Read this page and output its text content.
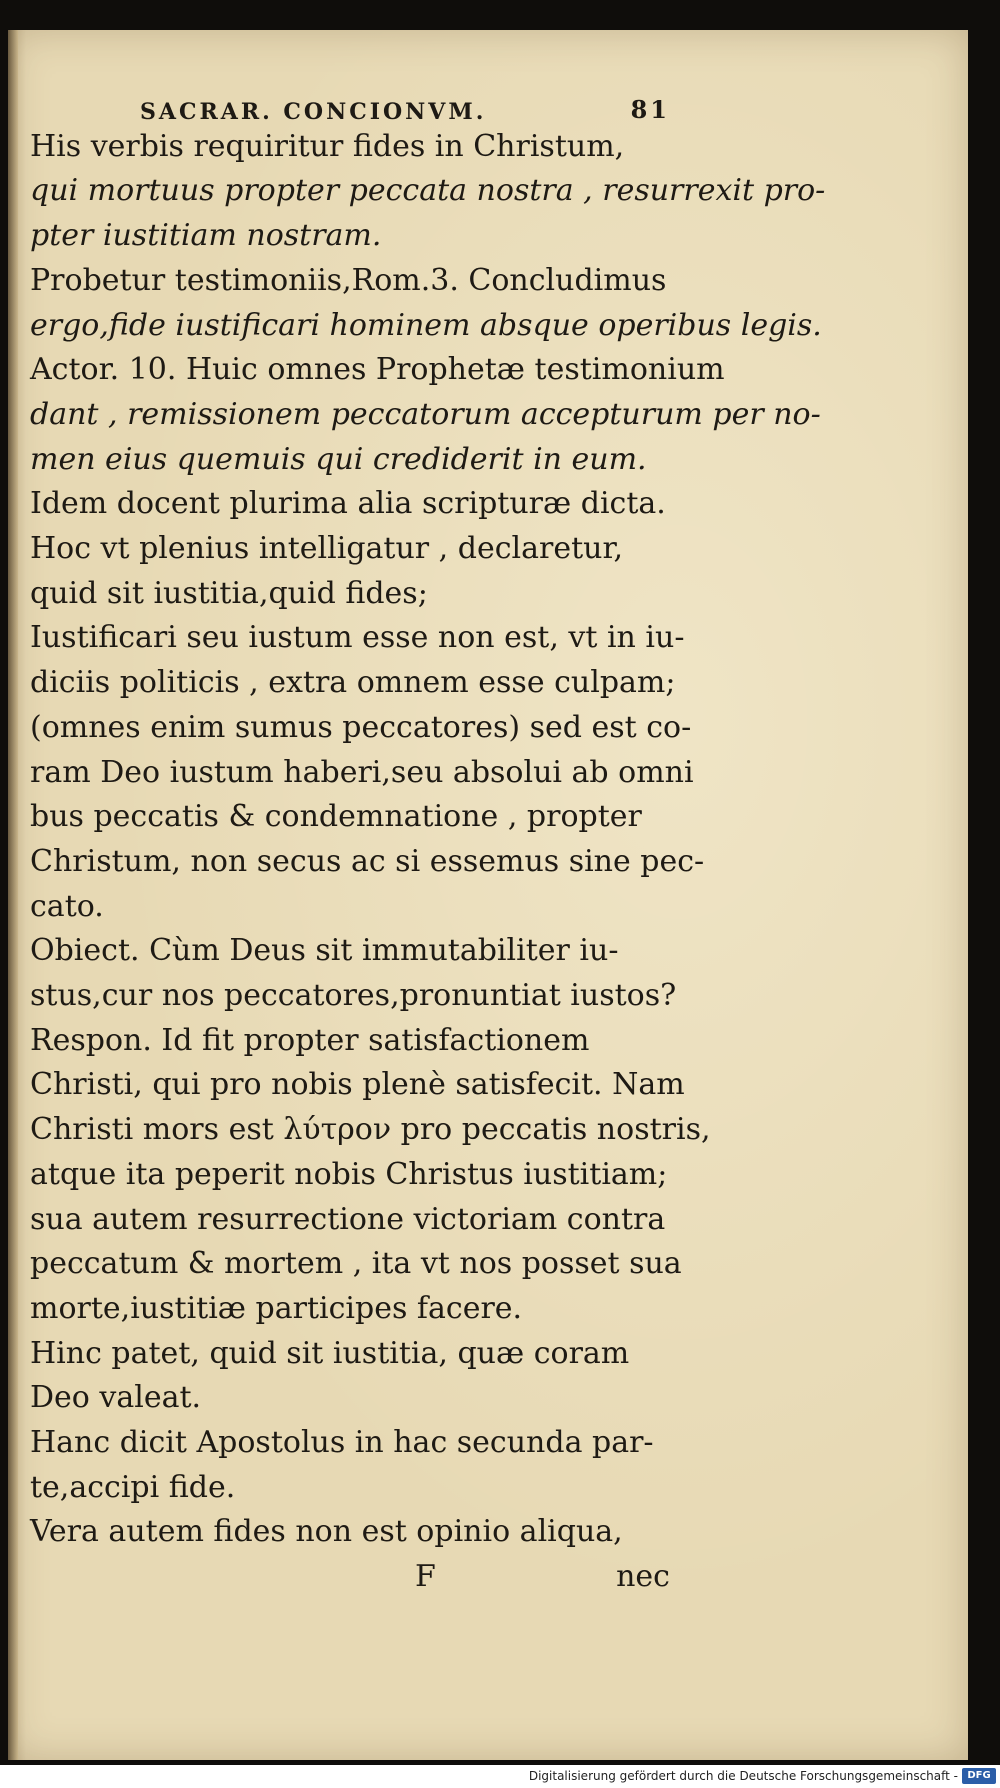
SACRAR. CONCIONVM.	81
His verbis requiritur fides in Christum,
qui mortuus propter peccata nostra , resurrexit pro-
pter iustitiam nostram.
Probetur testimoniis,Rom.3. Concludimus
ergo,fide iustificari hominem absque operibus legis.
Actor. 10. Huic omnes Prophetæ testimonium
dant , remissionem peccatorum accepturum per no-
men eius quemuis qui crediderit in eum.
Idem docent plurima alia scripturæ dicta.
Hoc vt plenius intelligatur , declaretur,
quid sit iustitia,quid fides;
Iustificari seu iustum esse non est, vt in iu-
diciis politicis , extra omnem esse culpam;
(omnes enim sumus peccatores) sed est co-
ram Deo iustum haberi,seu absolui ab omni
bus peccatis & condemnatione , propter
Christum, non secus ac si essemus sine pec-
cato.
Obiect. Cùm Deus sit immutabiliter iu-
stus,cur nos peccatores,pronuntiat iustos?
Respon. Id fit propter satisfactionem
Christi, qui pro nobis plenè satisfecit. Nam
Christi mors est λύτρον pro peccatis nostris,
atque ita peperit nobis Christus iustitiam;
sua autem resurrectione victoriam contra
peccatum & mortem , ita vt nos posset sua
morte,iustitiæ participes facere.
Hinc patet, quid sit iustitia, quæ coram
Deo valeat.
Hanc dicit Apostolus in hac secunda par-
te,accipi fide.
Vera autem fides non est opinio aliqua,
F	nec
Digitalisierung gefördert durch die Deutsche Forschungsgemeinschaft - DFG
